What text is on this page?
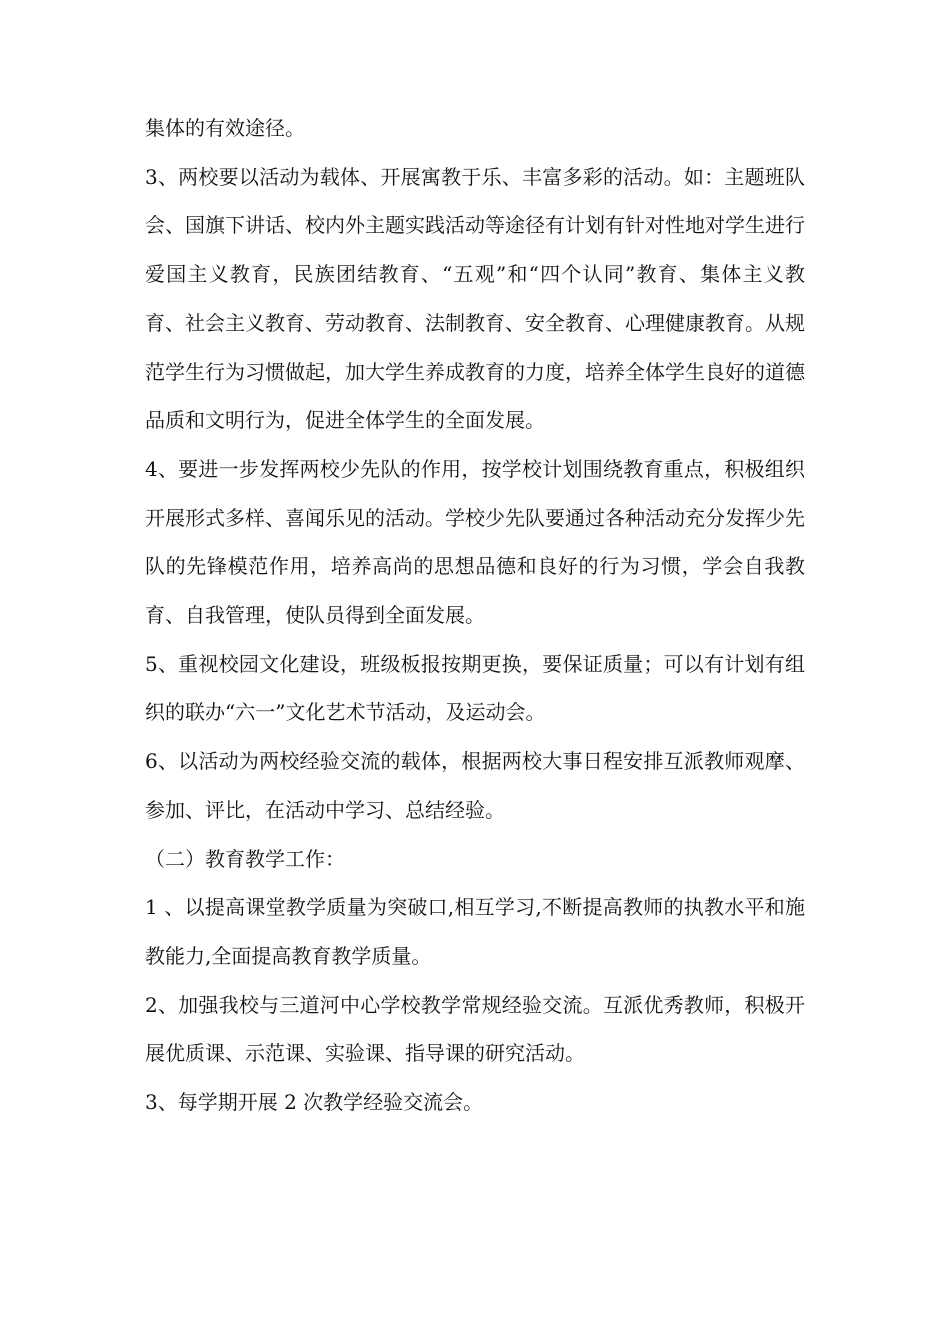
集体的有效途径。

3、两校要以活动为载体、开展寓教于乐、丰富多彩的活动。如：主题班队会、国旗下讲话、校内外主题实践活动等途径有计划有针对性地对学生进行爱国主义教育，民族团结教育、“五观”和“四个认同”教育、集体主义教育、社会主义教育、劳动教育、法制教育、安全教育、心理健康教育。从规范学生行为习惯做起，加大学生养成教育的力度，培养全体学生良好的道德品质和文明行为，促进全体学生的全面发展。

4、要进一步发挥两校少先队的作用，按学校计划围绕教育重点，积极组织开展形式多样、喜闻乐见的活动。学校少先队要通过各种活动充分发挥少先队的先锋模范作用，培养高尚的思想品德和良好的行为习惯，学会自我教育、自我管理，使队员得到全面发展。

5、重视校园文化建设，班级板报按期更换，要保证质量；可以有计划有组织的联办“六一”文化艺术节活动，及运动会。

6、以活动为两校经验交流的载体，根据两校大事日程安排互派教师观摩、参加、评比，在活动中学习、总结经验。

（二）教育教学工作：

1 、以提高课堂教学质量为突破口,相互学习,不断提高教师的执教水平和施教能力,全面提高教育教学质量。

2、加强我校与三道河中心学校教学常规经验交流。互派优秀教师，积极开展优质课、示范课、实验课、指导课的研究活动。

3、每学期开展 2 次教学经验交流会。
